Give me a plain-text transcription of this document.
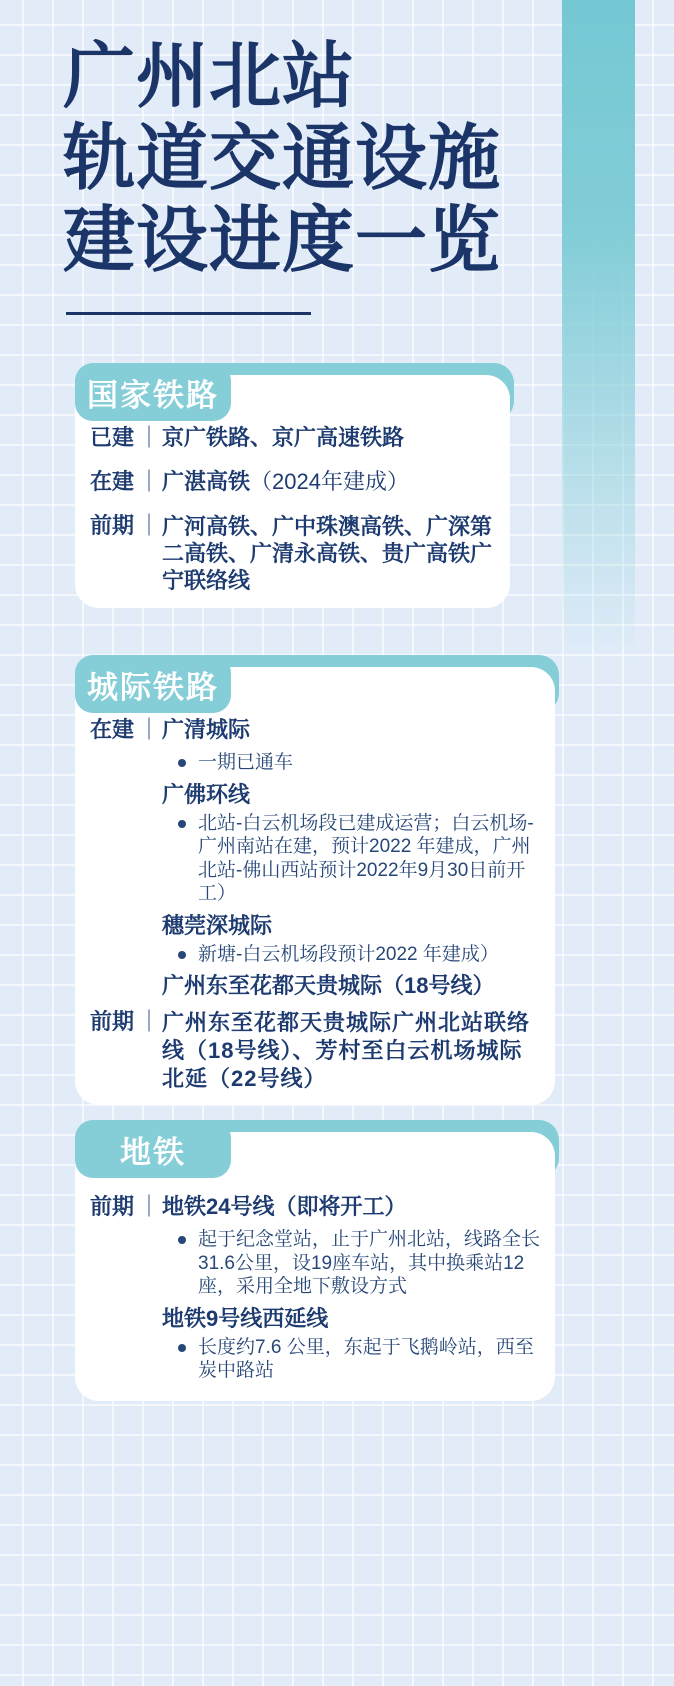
广州北站
轨道交通设施
建设进度一览
国家铁路
已建 ｜ 京广铁路、京广高速铁路
在建 ｜ 广湛高铁（2024年建成）
前期 ｜ 广河高铁、广中珠澳高铁、广深第二高铁、广清永高铁、贵广高铁广宁联络线
城际铁路
在建 ｜ 广清城际
一期已通车
广佛环线
北站-白云机场段已建成运营；白云机场-广州南站在建，预计2022 年建成，广州北站-佛山西站预计2022年9月30日前开工）
穗莞深城际
新塘-白云机场段预计2022 年建成）
广州东至花都天贵城际（18号线）
前期 ｜ 广州东至花都天贵城际广州北站联络线（18号线）、芳村至白云机场城际北延（22号线）
地铁
前期 ｜ 地铁24号线（即将开工）
起于纪念堂站，止于广州北站，线路全长31.6公里，设19座车站，其中换乘站12座，采用全地下敷设方式
地铁9号线西延线
长度约7.6 公里，东起于飞鹅岭站，西至炭中路站
